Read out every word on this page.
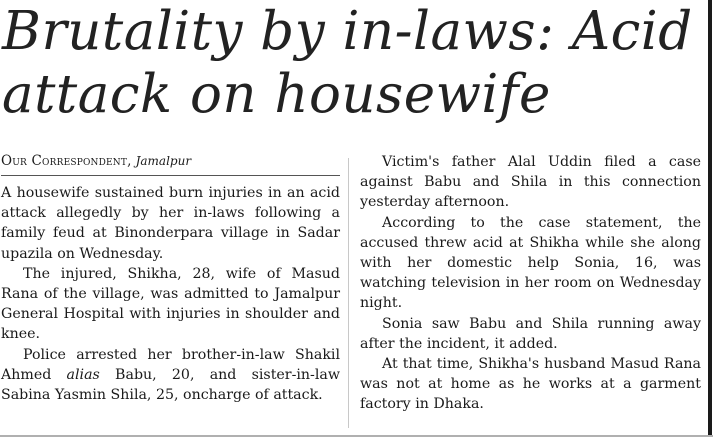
Brutality by in-laws: Acid
attack on housewife
Our Correspondent, Jamalpur

A housewife sustained burn injuries in an acid attack allegedly by her in-laws following a family feud at Binonderpara village in Sadar upazila on Wednesday.

The injured, Shikha, 28, wife of Masud Rana of the village, was admitted to Jamalpur General Hospital with injuries in shoulder and knee.

Police arrested her brother-in-law Shakil Ahmed alias Babu, 20, and sister-in-law Sabina Yasmin Shila, 25, oncharge of attack.

Victim's father Alal Uddin filed a case against Babu and Shila in this connection yesterday afternoon.

According to the case statement, the accused threw acid at Shikha while she along with her domestic help Sonia, 16, was watching television in her room on Wednesday night.

Sonia saw Babu and Shila running away after the incident, it added.

At that time, Shikha's husband Masud Rana was not at home as he works at a garment factory in Dhaka.
